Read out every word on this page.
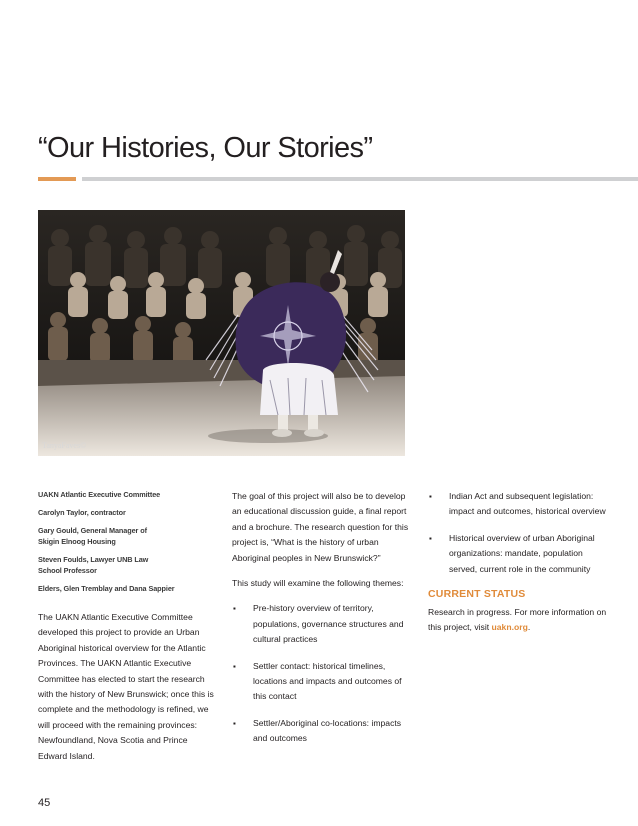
“Our Histories, Our Stories”
TanyaFaves©
UAKN Atlantic Executive Committee
Carolyn Taylor, contractor
Gary Gould, General Manager of
Skigin Elnoog Housing
Steven Foulds, Lawyer UNB Law
School Professor
Elders, Glen Tremblay and Dana Sappier

The UAKN Atlantic Executive Committee developed this project to provide an Urban Aboriginal historical overview for the Atlantic Provinces. The UAKN Atlantic Executive Committee has elected to start the research with the history of New Brunswick; once this is complete and the methodology is refined, we will proceed with the remaining provinces: Newfoundland, Nova Scotia and Prince Edward Island.

The goal of this project will also be to develop an educational discussion guide, a final report and a brochure. The research question for this project is, “What is the history of urban Aboriginal peoples in New Brunswick?”

This study will examine the following themes:

▪ Pre-history overview of territory, populations, governance structures and cultural practices
▪ Settler contact: historical timelines, locations and impacts and outcomes of this contact
▪ Settler/Aboriginal co-locations: impacts and outcomes
▪ Indian Act and subsequent legislation: impact and outcomes, historical overview
▪ Historical overview of urban Aboriginal organizations: mandate, population served, current role in the community
CURRENT STATUS

Research in progress. For more information on this project, visit uakn.org.

45
